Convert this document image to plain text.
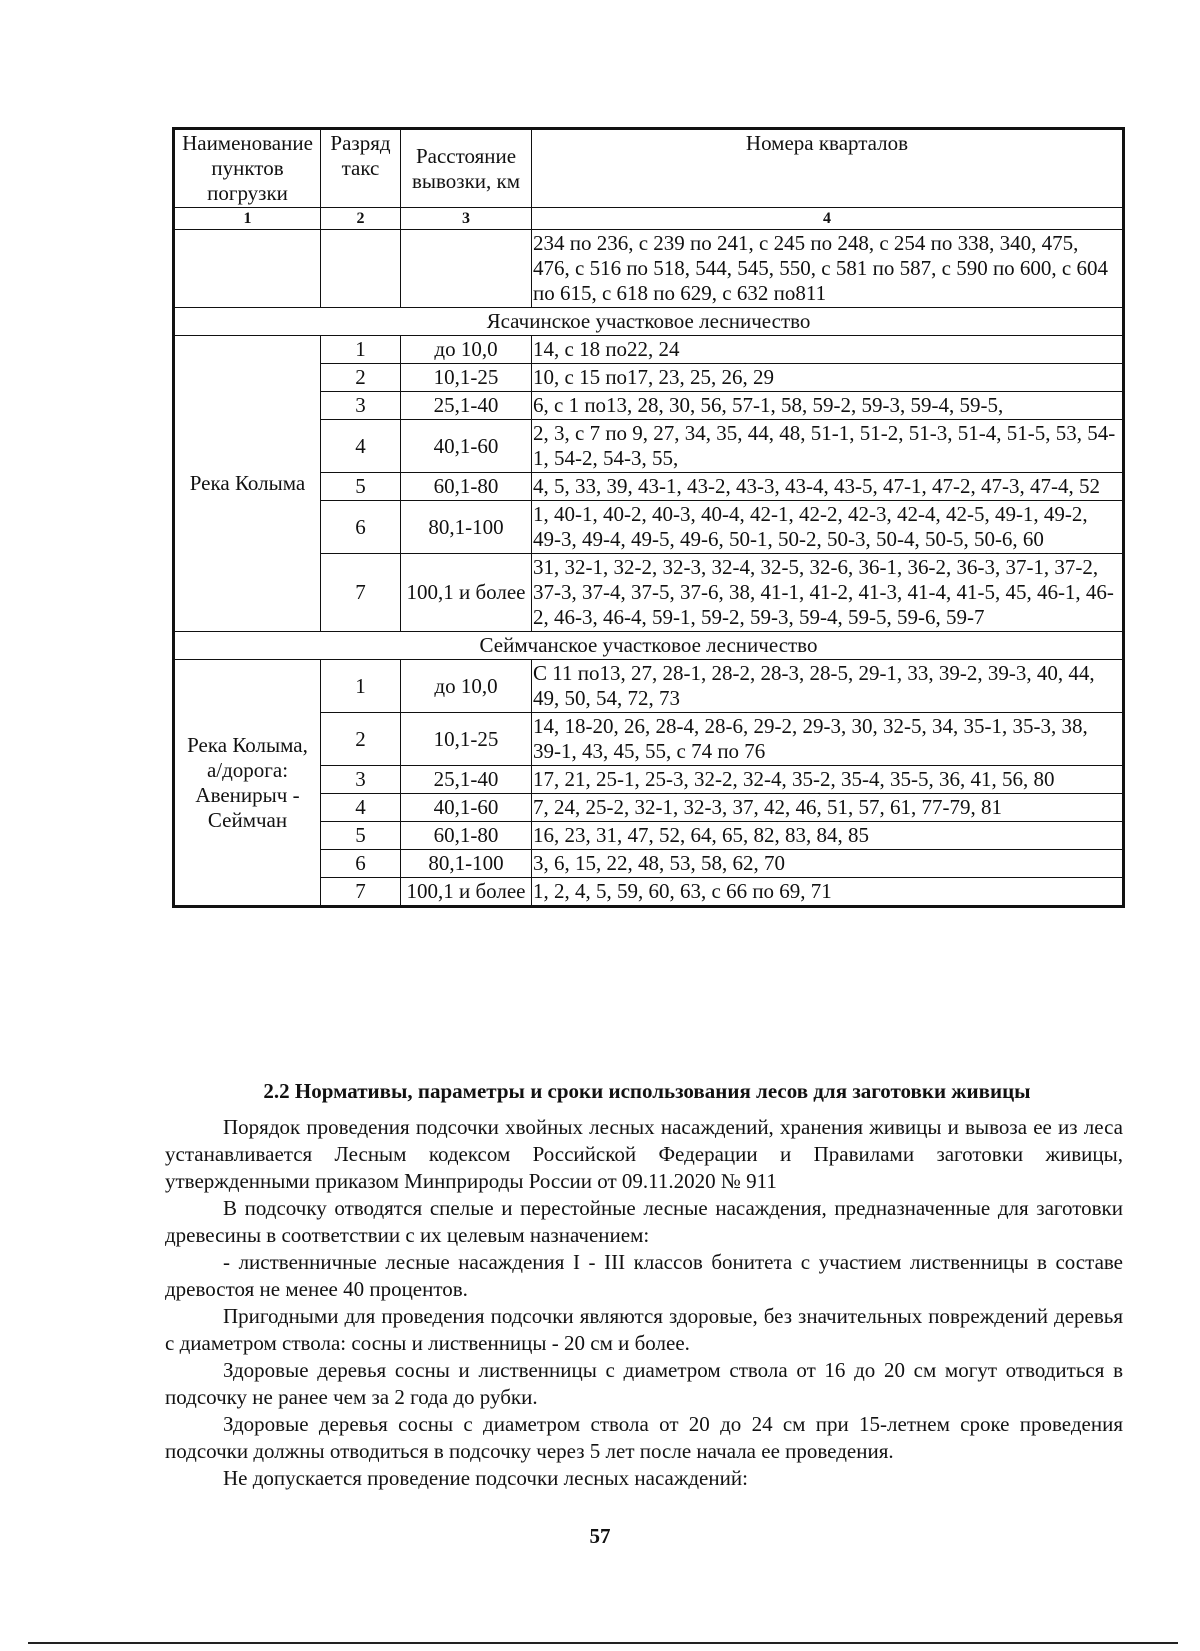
Наименование пунктов погрузки	Разряд такс	Расстояние вывозки, км	Номера кварталов
1	2	3	4
			234 по 236, с 239 по 241, с 245 по 248, с 254 по 338, 340, 475, 476, с 516 по 518, 544, 545, 550, с 581 по 587, с 590 по 600, с 604 по 615, с 618 по 629, с 632 по811
Ясачинское участковое лесничество			
Река Колыма	1	до 10,0	14, с 18 по22, 24
	2	10,1-25	10, с 15 по17, 23, 25, 26, 29
	3	25,1-40	6, с 1 по13, 28, 30, 56, 57-1, 58, 59-2, 59-3, 59-4, 59-5,
	4	40,1-60	2, 3, с 7 по 9, 27, 34, 35, 44, 48, 51-1, 51-2, 51-3, 51-4, 51-5, 53, 54-1, 54-2, 54-3, 55,
	5	60,1-80	4, 5, 33, 39, 43-1, 43-2, 43-3, 43-4, 43-5, 47-1, 47-2, 47-3, 47-4, 52
	6	80,1-100	1, 40-1, 40-2, 40-3, 40-4, 42-1, 42-2, 42-3, 42-4, 42-5, 49-1, 49-2, 49-3, 49-4, 49-5, 49-6, 50-1, 50-2, 50-3, 50-4, 50-5, 50-6, 60
	7	100,1 и более	31, 32-1, 32-2, 32-3, 32-4, 32-5, 32-6, 36-1, 36-2, 36-3, 37-1, 37-2, 37-3, 37-4, 37-5, 37-6, 38, 41-1, 41-2, 41-3, 41-4, 41-5, 45, 46-1, 46-2, 46-3, 46-4, 59-1, 59-2, 59-3, 59-4, 59-5, 59-6, 59-7
Сеймчанское участковое лесничество			
Река Колыма, а/дорога: Авенирыч - Сеймчан	1	до 10,0	С 11 по13, 27, 28-1, 28-2, 28-3, 28-5, 29-1, 33, 39-2, 39-3, 40, 44, 49, 50, 54, 72, 73
	2	10,1-25	14, 18-20, 26, 28-4, 28-6, 29-2, 29-3, 30, 32-5, 34, 35-1, 35-3, 38, 39-1, 43, 45, 55, с 74 по 76
	3	25,1-40	17, 21, 25-1, 25-3, 32-2, 32-4, 35-2, 35-4, 35-5, 36, 41, 56, 80
	4	40,1-60	7, 24, 25-2, 32-1, 32-3, 37, 42, 46, 51, 57, 61, 77-79, 81
	5	60,1-80	16, 23, 31, 47, 52, 64, 65, 82, 83, 84, 85
	6	80,1-100	3, 6, 15, 22, 48, 53, 58, 62, 70
	7	100,1 и более	1, 2, 4, 5, 59, 60, 63, с 66 по 69, 71
2.2 Нормативы, параметры и сроки использования лесов для заготовки живицы

Порядок проведения подсочки хвойных лесных насаждений, хранения живицы и вывоза ее из леса устанавливается Лесным кодексом Российской Федерации и Правилами заготовки живицы, утвержденными приказом Минприроды России от 09.11.2020 № 911

В подсочку отводятся спелые и перестойные лесные насаждения, предназначенные для заготовки древесины в соответствии с их целевым назначением:

- лиственничные лесные насаждения I - III классов бонитета с участием лиственницы в составе древостоя не менее 40 процентов.

Пригодными для проведения подсочки являются здоровые, без значительных повреждений деревья с диаметром ствола: сосны и лиственницы - 20 см и более.

Здоровые деревья сосны и лиственницы с диаметром ствола от 16 до 20 см могут отводиться в подсочку не ранее чем за 2 года до рубки.

Здоровые деревья сосны с диаметром ствола от 20 до 24 см при 15-летнем сроке проведения подсочки должны отводиться в подсочку через 5 лет после начала ее проведения.

Не допускается проведение подсочки лесных насаждений:

57
